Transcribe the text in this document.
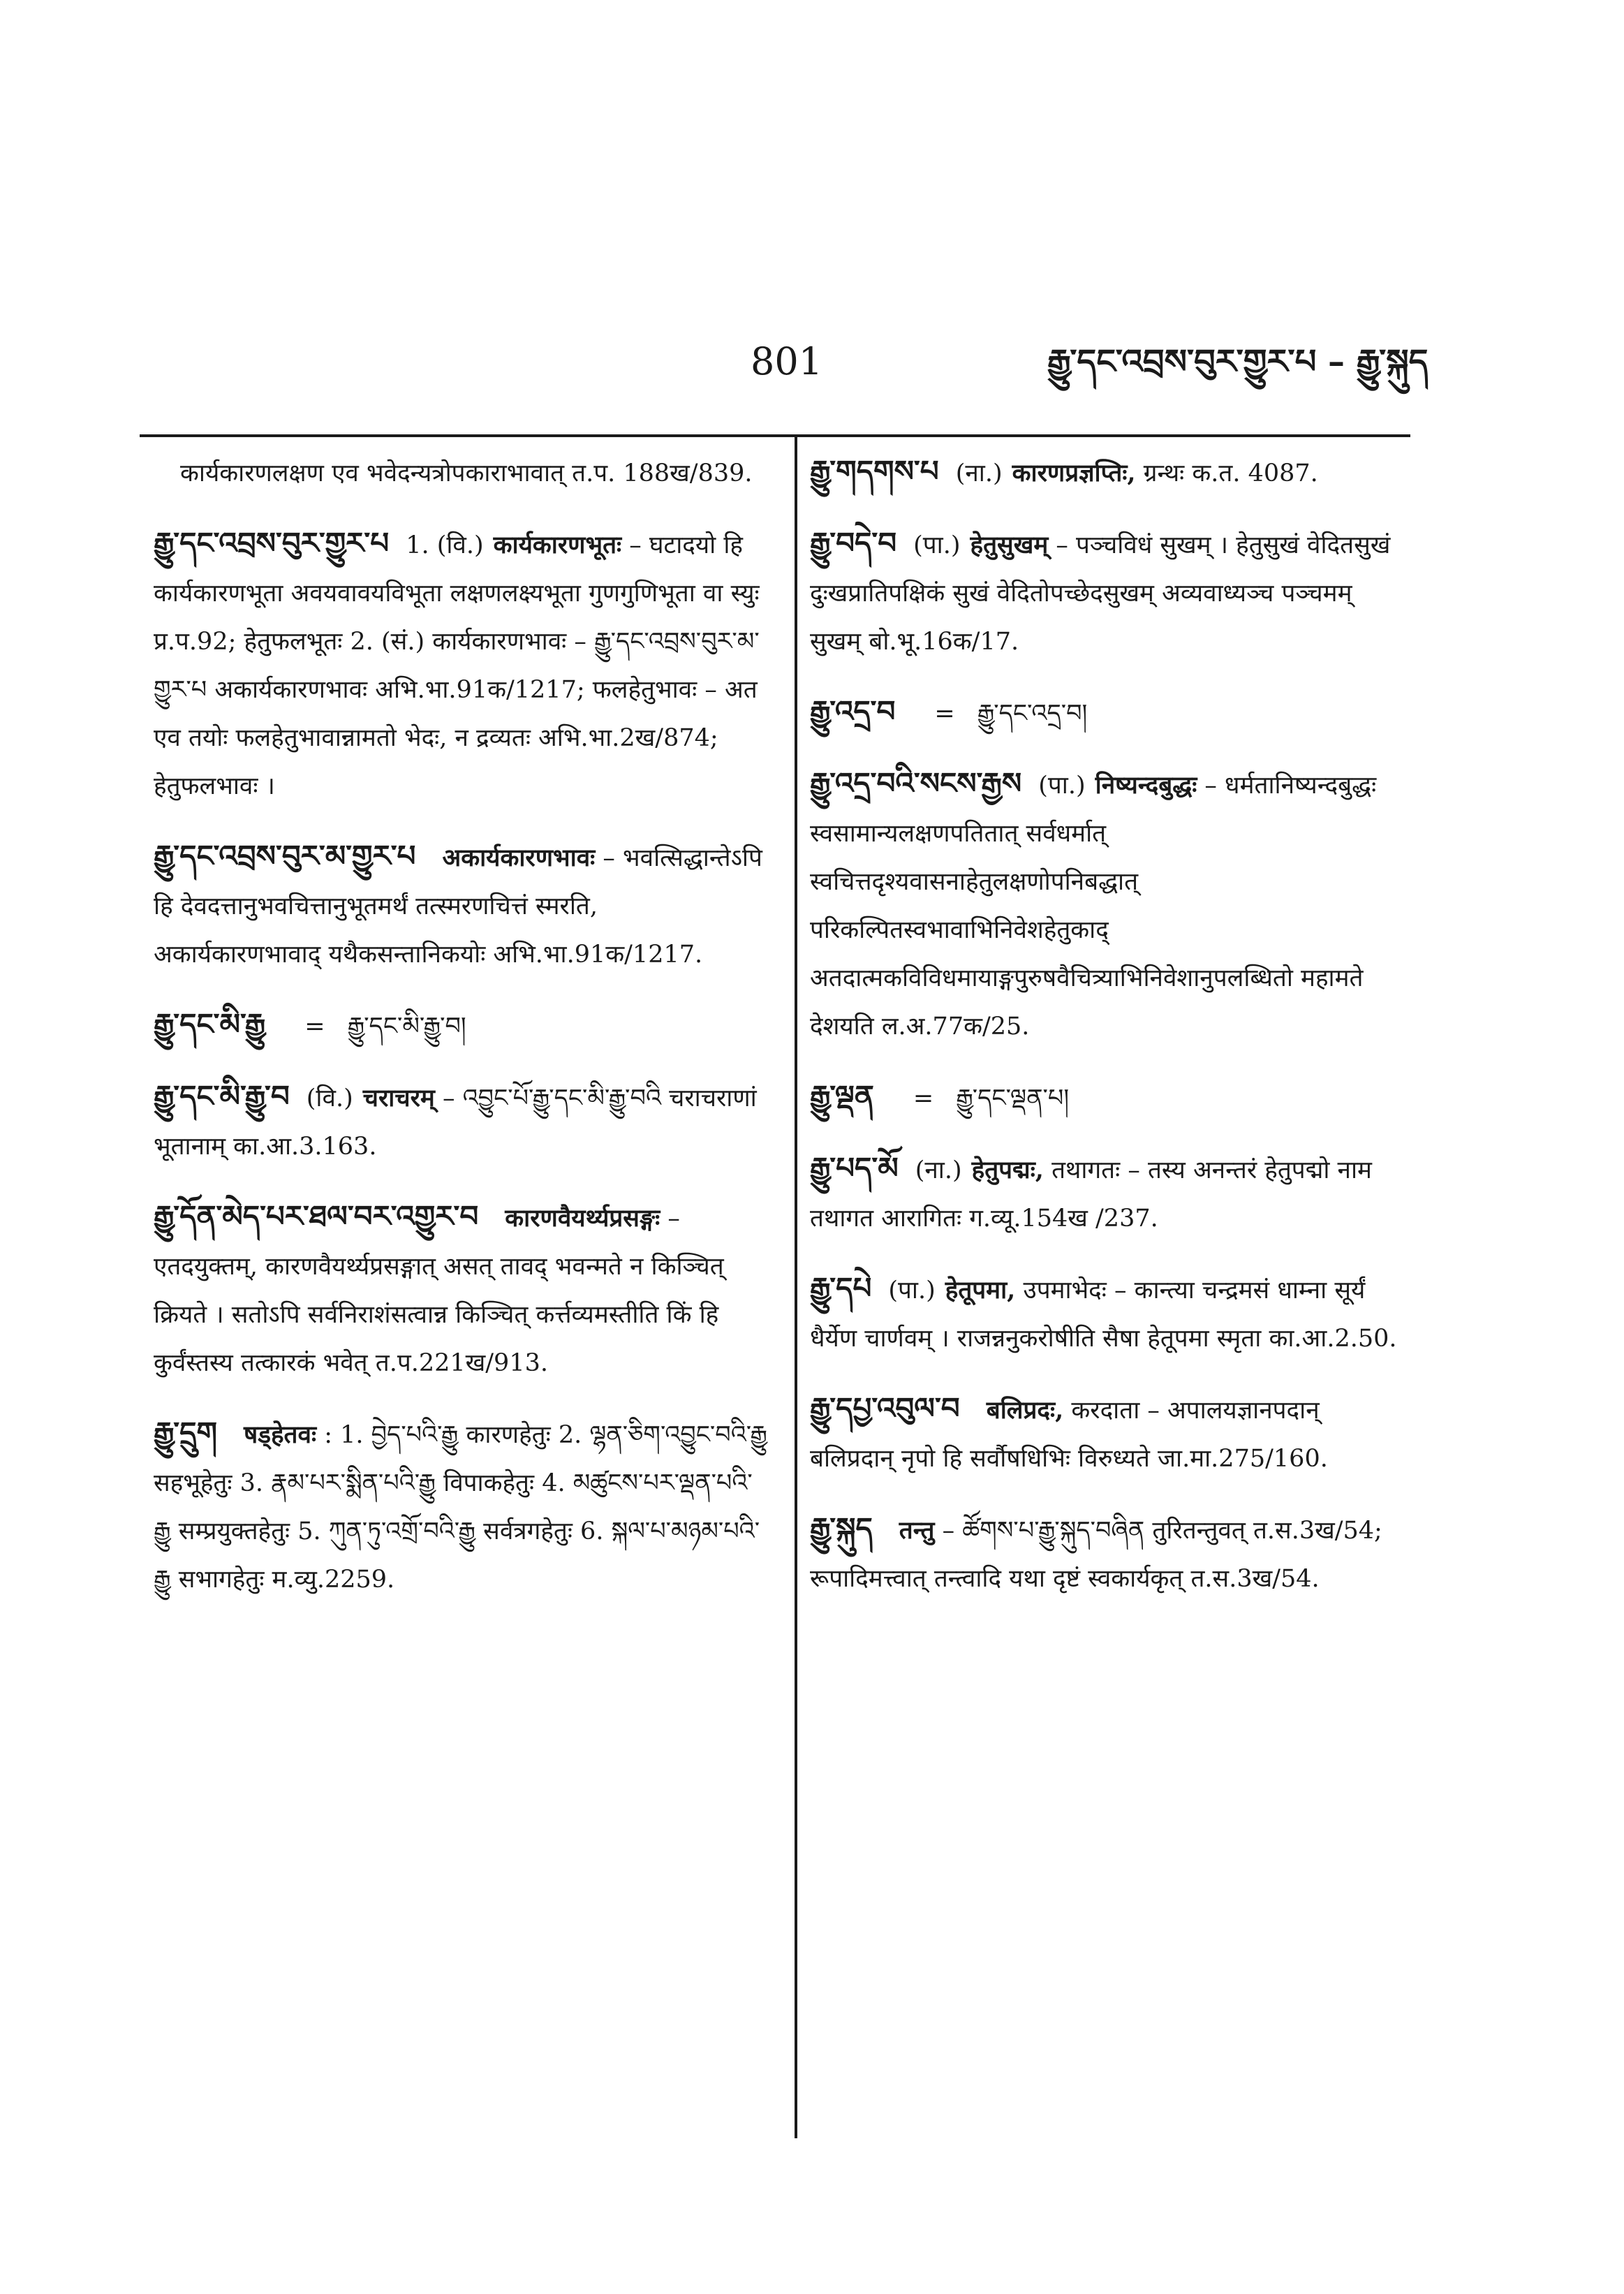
801	རྒྱུ་དང་འབྲས་བུར་གྱུར་པ – རྒྱུ་སྐུད

कार्यकारणलक्षण एव भवेदन्यत्रोपकाराभावात् त.प. 188ख/839.

རྒྱུ་དང་འབྲས་བུར་གྱུར་པ 1. (वि.) कार्यकारणभूतः – घटादयो हि कार्यकारणभूता अवयवावयविभूता लक्षणलक्ष्यभूता गुणगुणिभूता वा स्युः प्र.प.92; हेतुफलभूतः 2. (सं.) कार्यकारणभावः – རྒྱུ་དང་འབྲས་བུར་མ་གྱུར་པ अकार्यकारणभावः अभि.भा.91क/1217; फलहेतुभावः – अत एव तयोः फलहेतुभावान्नामतो भेदः, न द्रव्यतः अभि.भा.2ख/874; हेतुफलभावः ।

རྒྱུ་དང་འབྲས་བུར་མ་གྱུར་པ अकार्यकारणभावः – भवत्सिद्धान्तेऽपि हि देवदत्तानुभवचित्तानुभूतमर्थं तत्स्मरणचित्तं स्मरति, अकार्यकारणभावाद् यथैकसन्तानिकयोः अभि.भा.91क/1217.

རྒྱུ་དང་མི་རྒྱུ = རྒྱུ་དང་མི་རྒྱུ་བ།

རྒྱུ་དང་མི་རྒྱུ་བ (वि.) चराचरम् – འབྱུང་པོ་རྒྱུ་དང་མི་རྒྱུ་བའི चराचराणां भूतानाम् का.आ.3.163.

རྒྱུ་དོན་མེད་པར་ཐལ་བར་འགྱུར་བ कारणवैयर्थ्यप्रसङ्गः – एतदयुक्तम्, कारणवैयर्थ्यप्रसङ्गात् असत् तावद् भवन्मते न किञ्चित् क्रियते । सतोऽपि सर्वनिराशंसत्वान्न किञ्चित् कर्त्तव्यमस्तीति किं हि कुर्वंस्तस्य तत्कारकं भवेत् त.प.221ख/913.

རྒྱུ་དྲུག षड्हेतवः : 1. བྱེད་པའི་རྒྱུ कारणहेतुः 2. ལྷན་ཅིག་འབྱུང་བའི་རྒྱུ सहभूहेतुः 3. རྣམ་པར་སྨིན་པའི་རྒྱུ विपाकहेतुः 4. མཚུངས་པར་ལྡན་པའི་རྒྱུ सम्प्रयुक्तहेतुः 5. ཀུན་ཏུ་འགྲོ་བའི་རྒྱུ सर्वत्रगहेतुः 6. སྐལ་པ་མཉམ་པའི་རྒྱུ सभागहेतुः म.व्यु.2259.

རྒྱུ་གདགས་པ (ना.) कारणप्रज्ञप्तिः, ग्रन्थः क.त. 4087.

རྒྱུ་བདེ་བ (पा.) हेतुसुखम् – पञ्चविधं सुखम् । हेतुसुखं वेदितसुखं दुःखप्रातिपक्षिकं सुखं वेदितोपच्छेदसुखम् अव्यवाध्यञ्च पञ्चमम् सुखम् बो.भू.16क/17.

རྒྱུ་འདྲ་བ = རྒྱུ་དང་འདྲ་བ།

རྒྱུ་འདྲ་བའི་སངས་རྒྱས (पा.) निष्यन्दबुद्धः – धर्मतानिष्यन्दबुद्धः स्वसामान्यलक्षणपतितात् सर्वधर्मात् स्वचित्तदृश्यवासनाहेतुलक्षणोपनिबद्धात् परिकल्पितस्वभावाभिनिवेशहेतुकाद् अतदात्मकविविधमायाङ्गपुरुषवैचित्र्याभिनिवेशानुपलब्धितो महामते देशयति ल.अ.77क/25.

རྒྱུ་ལྡན = རྒྱུ་དང་ལྡན་པ།

རྒྱུ་པད་མོ (ना.) हेतुपद्मः, तथागतः – तस्य अनन्तरं हेतुपद्मो नाम तथागत आरागितः ग.व्यू.154ख /237.

རྒྱུ་དཔེ (पा.) हेतूपमा, उपमाभेदः – कान्त्या चन्द्रमसं धाम्ना सूर्यं धैर्येण चार्णवम् । राजन्ननुकरोषीति सैषा हेतूपमा स्मृता का.आ.2.50.

རྒྱུ་དཔྱ་འབུལ་བ बलिप्रदः, करदाता – अपालयज्ञानपदान् बलिप्रदान् नृपो हि सर्वौषधिभिः विरुध्यते जा.मा.275/160.

རྒྱུ་སྐུད तन्तु – ཚོགས་པ་རྒྱུ་སྐུད་བཞིན तुरितन्तुवत् त.स.3ख/54; रूपादिमत्त्वात् तन्त्वादि यथा दृष्टं स्वकार्यकृत् त.स.3ख/54.
